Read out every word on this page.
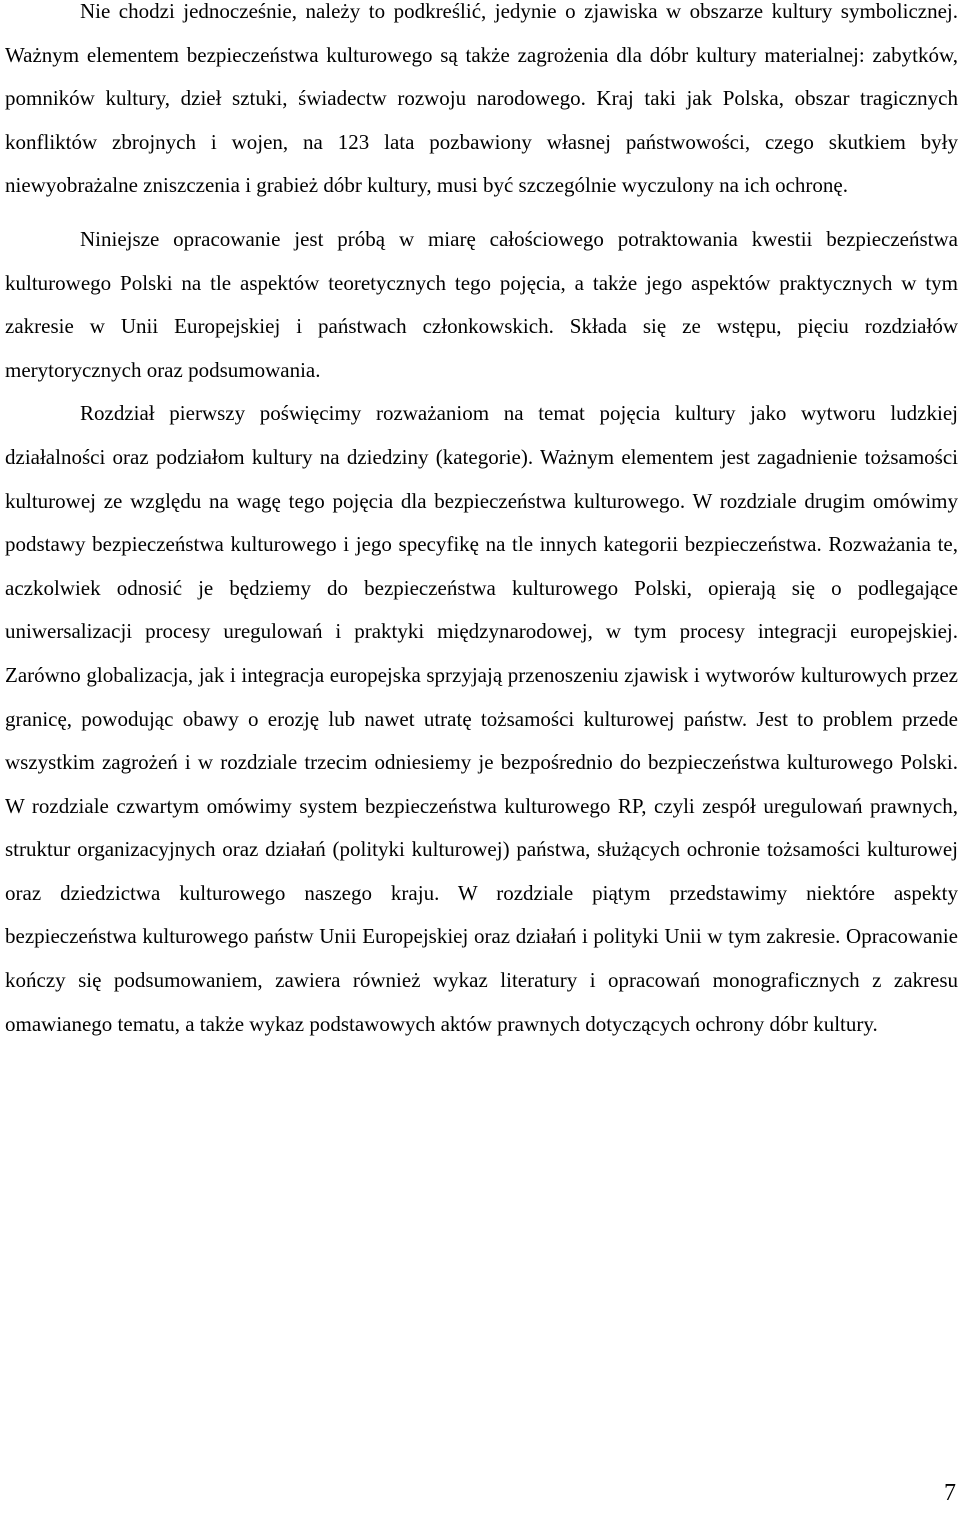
Nie chodzi jednocześnie, należy to podkreślić, jedynie o zjawiska w obszarze kultury symbolicznej. Ważnym elementem bezpieczeństwa kulturowego są także zagrożenia dla dóbr kultury materialnej: zabytków, pomników kultury, dzieł sztuki, świadectw rozwoju narodowego. Kraj taki jak Polska, obszar tragicznych konfliktów zbrojnych i wojen, na 123 lata pozbawiony własnej państwowości, czego skutkiem były niewyobrażalne zniszczenia i grabież dóbr kultury, musi być szczególnie wyczulony na ich ochronę.

Niniejsze opracowanie jest próbą w miarę całościowego potraktowania kwestii bezpieczeństwa kulturowego Polski na tle aspektów teoretycznych tego pojęcia, a także jego aspektów praktycznych w tym zakresie w Unii Europejskiej i państwach członkowskich. Składa się ze wstępu, pięciu rozdziałów merytorycznych oraz podsumowania.

Rozdział pierwszy poświęcimy rozważaniom na temat pojęcia kultury jako wytworu ludzkiej działalności oraz podziałom kultury na dziedziny (kategorie). Ważnym elementem jest zagadnienie tożsamości kulturowej ze względu na wagę tego pojęcia dla bezpieczeństwa kulturowego. W rozdziale drugim omówimy podstawy bezpieczeństwa kulturowego i jego specyfikę na tle innych kategorii bezpieczeństwa. Rozważania te, aczkolwiek odnosić je będziemy do bezpieczeństwa kulturowego Polski, opierają się o podlegające uniwersalizacji procesy uregulowań i praktyki międzynarodowej, w tym procesy integracji europejskiej. Zarówno globalizacja, jak i integracja europejska sprzyjają przenoszeniu zjawisk i wytworów kulturowych przez granicę, powodując obawy o erozję lub nawet utratę tożsamości kulturowej państw. Jest to problem przede wszystkim zagrożeń i w rozdziale trzecim odniesiemy je bezpośrednio do bezpieczeństwa kulturowego Polski. W rozdziale czwartym omówimy system bezpieczeństwa kulturowego RP, czyli zespół uregulowań prawnych, struktur organizacyjnych oraz działań (polityki kulturowej) państwa, służących ochronie tożsamości kulturowej oraz dziedzictwa kulturowego naszego kraju. W rozdziale piątym przedstawimy niektóre aspekty bezpieczeństwa kulturowego państw Unii Europejskiej oraz działań i polityki Unii w tym zakresie. Opracowanie kończy się podsumowaniem, zawiera również wykaz literatury i opracowań monograficznych z zakresu omawianego tematu, a także wykaz podstawowych aktów prawnych dotyczących ochrony dóbr kultury.

7
